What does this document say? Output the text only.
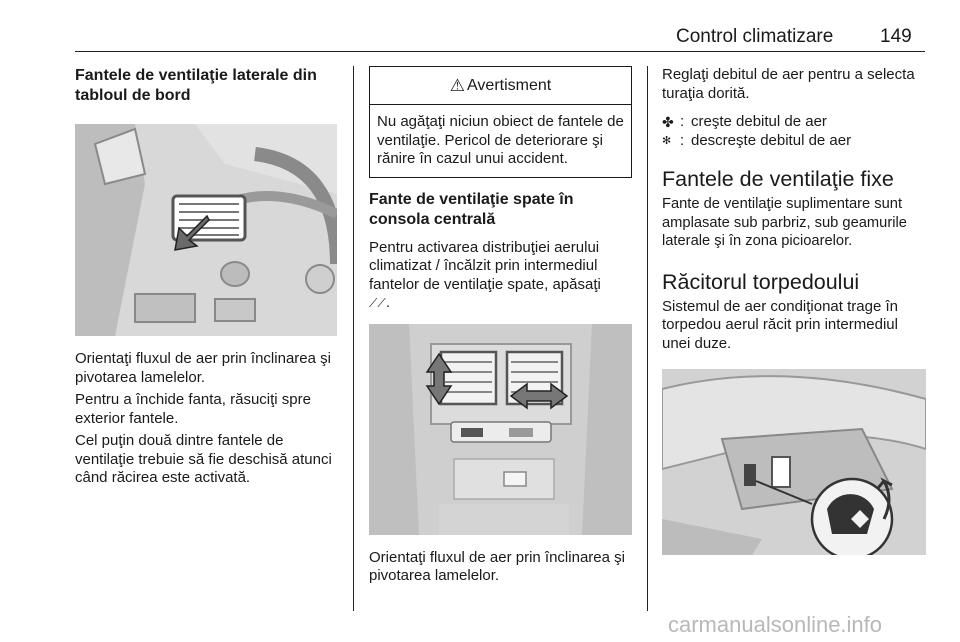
Control climatizare 149
Fantele de ventilaţie laterale din tabloul de bord

Orientaţi fluxul de aer prin înclinarea şi pivotarea lamelelor.

Pentru a închide fanta, răsuciţi spre exterior fantele.

Cel puţin două dintre fantele de ventilaţie trebuie să fie deschisă atunci când răcirea este activată.

⚠ Avertisment
Nu agăţaţi niciun obiect de fantele de ventilaţie. Pericol de deteriorare şi rănire în cazul unui accident.
Fante de ventilaţie spate în consola centrală

Pentru activarea distribuţiei aerului climatizat / încălzit prin intermediul fantelor de ventilaţie spate, apăsaţi
⟋⟋.

Orientaţi fluxul de aer prin înclinarea şi pivotarea lamelelor.

Reglaţi debitul de aer pentru a selecta turaţia dorită.

✤ : creşte debitul de aer
✻ : descreşte debitul de aer
Fantele de ventilaţie fixe

Fante de ventilaţie suplimentare sunt amplasate sub parbriz, sub geamurile laterale şi în zona picioarelor.

Răcitorul torpedoului

Sistemul de aer condiţionat trage în torpedou aerul răcit prin intermediul unei duze.

carmanualsonline.info
